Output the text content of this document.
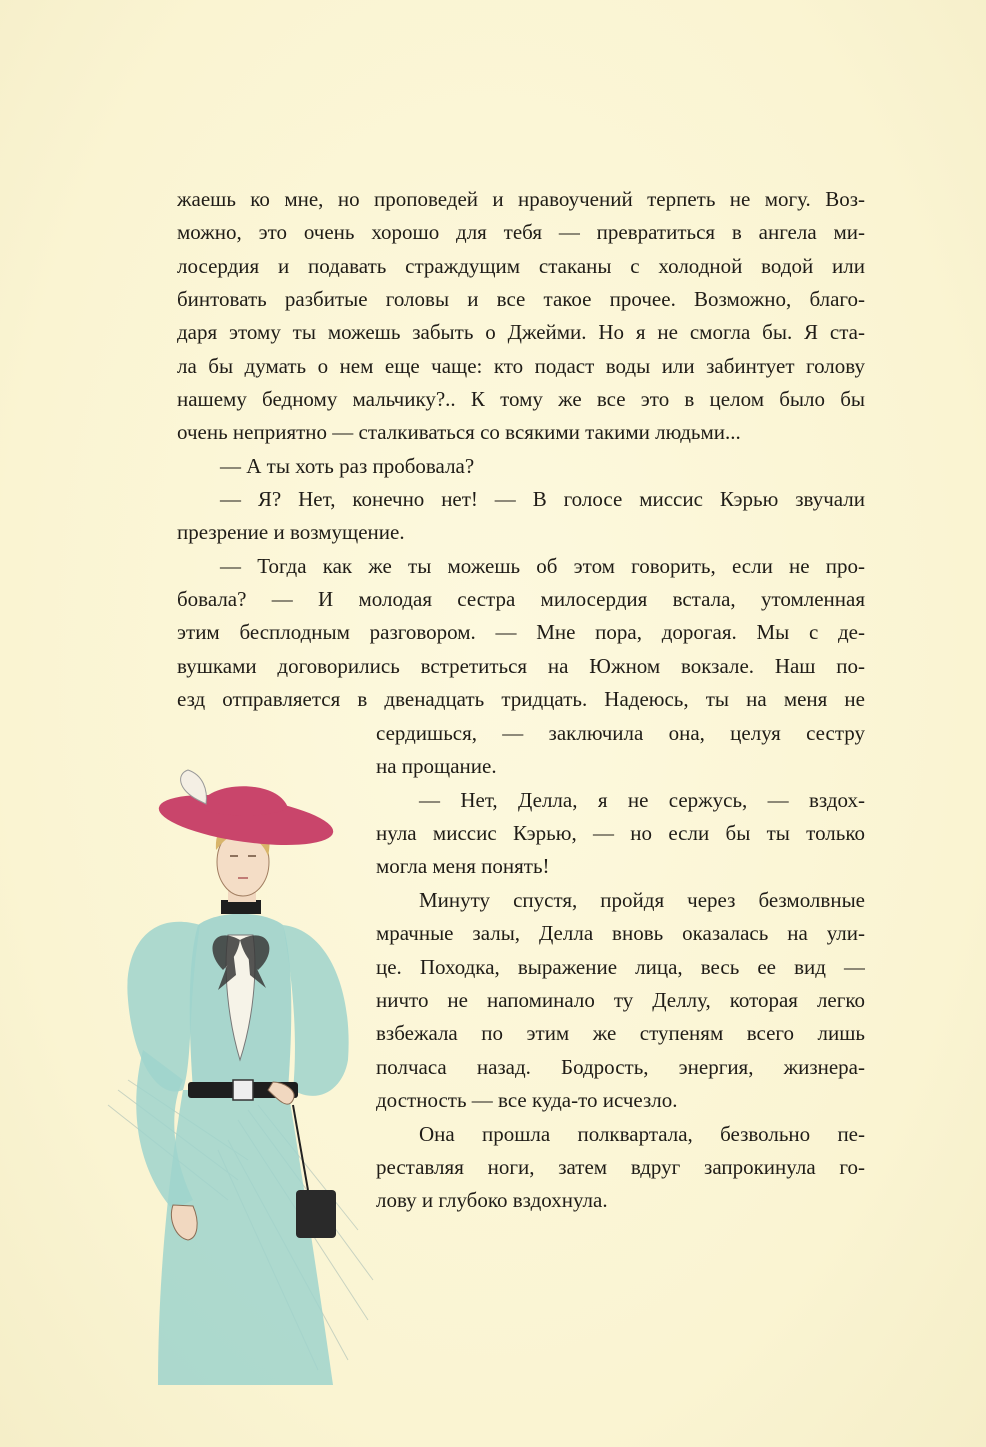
жаешь ко мне, но проповедей и нравоучений терпеть не могу. Воз-
можно, это очень хорошо для тебя — превратиться в ангела ми-
лосердия и подавать страждущим стаканы с холодной водой или
бинтовать разбитые головы и все такое прочее. Возможно, благо-
даря этому ты можешь забыть о Джейми. Но я не смогла бы. Я ста-
ла бы думать о нем еще чаще: кто подаст воды или забинтует голову
нашему бедному мальчику?.. К тому же все это в целом было бы
очень неприятно — сталкиваться со всякими такими людьми...
— А ты хоть раз пробовала?
— Я? Нет, конечно нет! — В голосе миссис Кэрью звучали
презрение и возмущение.
— Тогда как же ты можешь об этом говорить, если не про-
бовала? — И молодая сестра милосердия встала, утомленная
этим бесплодным разговором. — Мне пора, дорогая. Мы с де-
вушками договорились встретиться на Южном вокзале. Наш по-
езд отправляется в двенадцать тридцать. Надеюсь, ты на меня не
сердишься, — заключила она, целуя сестру
на прощание.
— Нет, Делла, я не сержусь, — вздох-
нула миссис Кэрью, — но если бы ты только
могла меня понять!
Минуту спустя, пройдя через безмолвные
мрачные залы, Делла вновь оказалась на ули-
це. Походка, выражение лица, весь ее вид —
ничто не напоминало ту Деллу, которая легко
взбежала по этим же ступеням всего лишь
полчаса назад. Бодрость, энергия, жизнера-
достность — все куда-то исчезло.
Она прошла полквартала, безвольно пе-
реставляя ноги, затем вдруг запрокинула го-
лову и глубоко вздохнула.
